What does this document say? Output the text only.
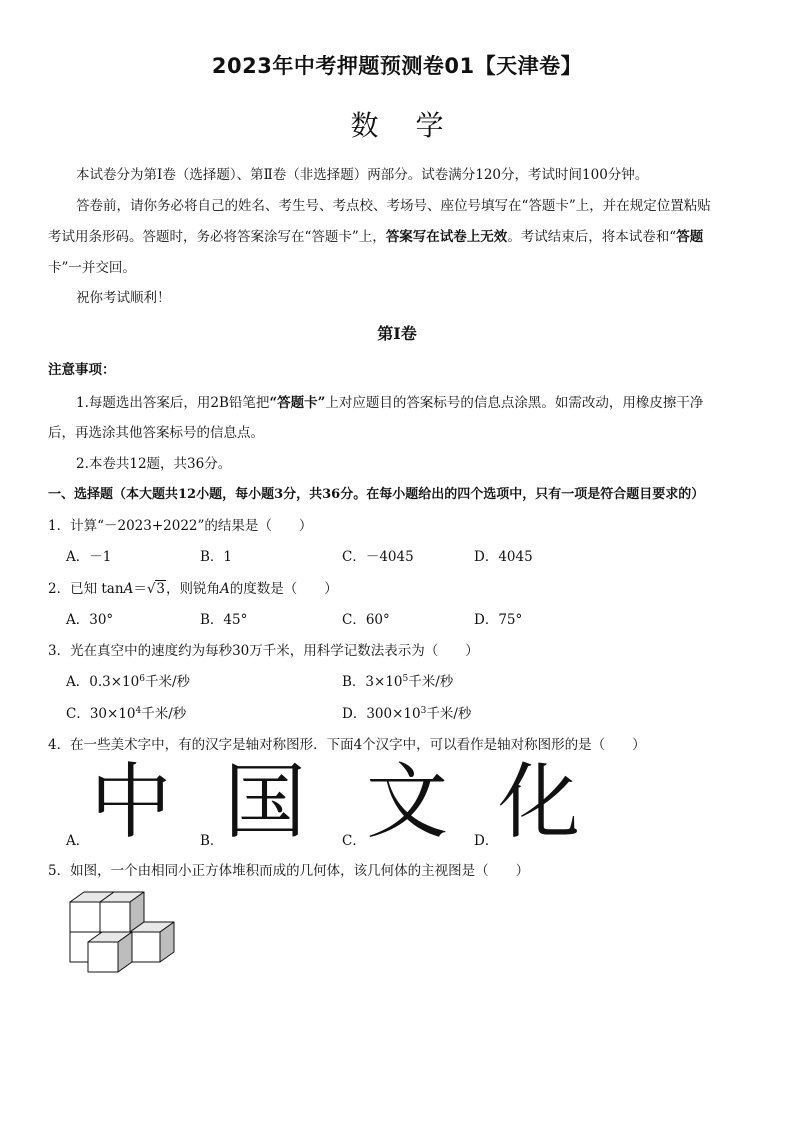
2023年中考押题预测卷01【天津卷】
数 学
本试卷分为第Ⅰ卷（选择题）、第Ⅱ卷（非选择题）两部分。试卷满分120分，考试时间100分钟。
答卷前，请你务必将自己的姓名、考生号、考点校、考场号、座位号填写在“答题卡”上，并在规定位置粘贴
考试用条形码。答题时，务必将答案涂写在“答题卡”上，答案写在试卷上无效。考试结束后，将本试卷和“答题
卡”一并交回。
祝你考试顺利！
第Ⅰ卷
注意事项：
1.每题选出答案后，用2B铅笔把“答题卡”上对应题目的答案标号的信息点涂黑。如需改动，用橡皮擦干净
后，再选涂其他答案标号的信息点。
2.本卷共12题，共36分。
一、选择题（本大题共12小题，每小题3分，共36分。在每小题给出的四个选项中，只有一项是符合题目要求的）
1．计算“－2023+2022”的结果是（　　）
A．－1	B．1	C．－4045	D．4045
2．已知 tanA＝√3，则锐角A的度数是（　　）
A．30°	B．45°	C．60°	D．75°
3．光在真空中的速度约为每秒30万千米，用科学记数法表示为（　　）
A．$0.3\times 10^6$千米/秒	B．$3\times 10^5$千米/秒
C．$30\times 10^4$千米/秒	D．$300\times 10^3$千米/秒
4．在一些美术字中，有的汉字是轴对称图形．下面4个汉字中，可以看作是轴对称图形的是（　　）
A． 中 B． 国	C． 文 D． 化
5．如图，一个由相同小正方体堆积而成的几何体，该几何体的主视图是（　　）
